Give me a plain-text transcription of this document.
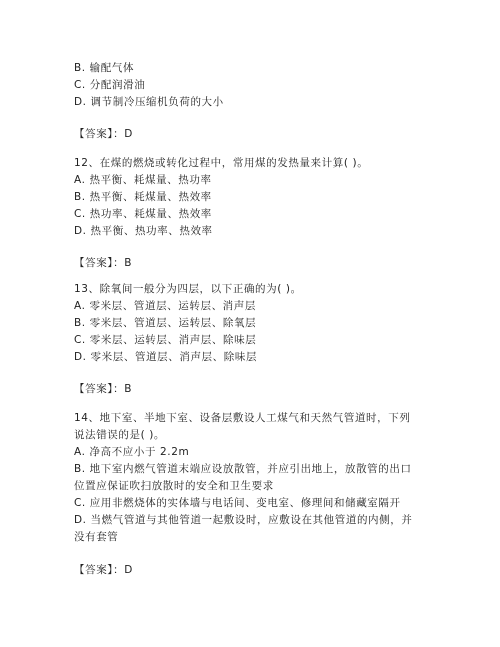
B. 输配气体
C. 分配润滑油
D. 调节制冷压缩机负荷的大小
【答案】：D
12、在煤的燃烧或转化过程中，常用煤的发热量来计算( )。
A. 热平衡、耗煤量、热功率
B. 热平衡、耗煤量、热效率
C. 热功率、耗煤量、热效率
D. 热平衡、热功率、热效率
【答案】：B
13、除氧间一般分为四层，以下正确的为( )。
A. 零米层、管道层、运转层、消声层
B. 零米层、管道层、运转层、除氧层
C. 零米层、运转层、消声层、除味层
D. 零米层、管道层、消声层、除味层
【答案】：B
14、地下室、半地下室、设备层敷设人工煤气和天然气管道时，下列
说法错误的是( )。
A. 净高不应小于 2.2m
B. 地下室内燃气管道末端应设放散管，并应引出地上，放散管的出口
位置应保证吹扫放散时的安全和卫生要求
C. 应用非燃烧体的实体墙与电话间、变电室、修理间和储藏室隔开
D. 当燃气管道与其他管道一起敷设时，应敷设在其他管道的内侧，并
没有套管
【答案】：D
